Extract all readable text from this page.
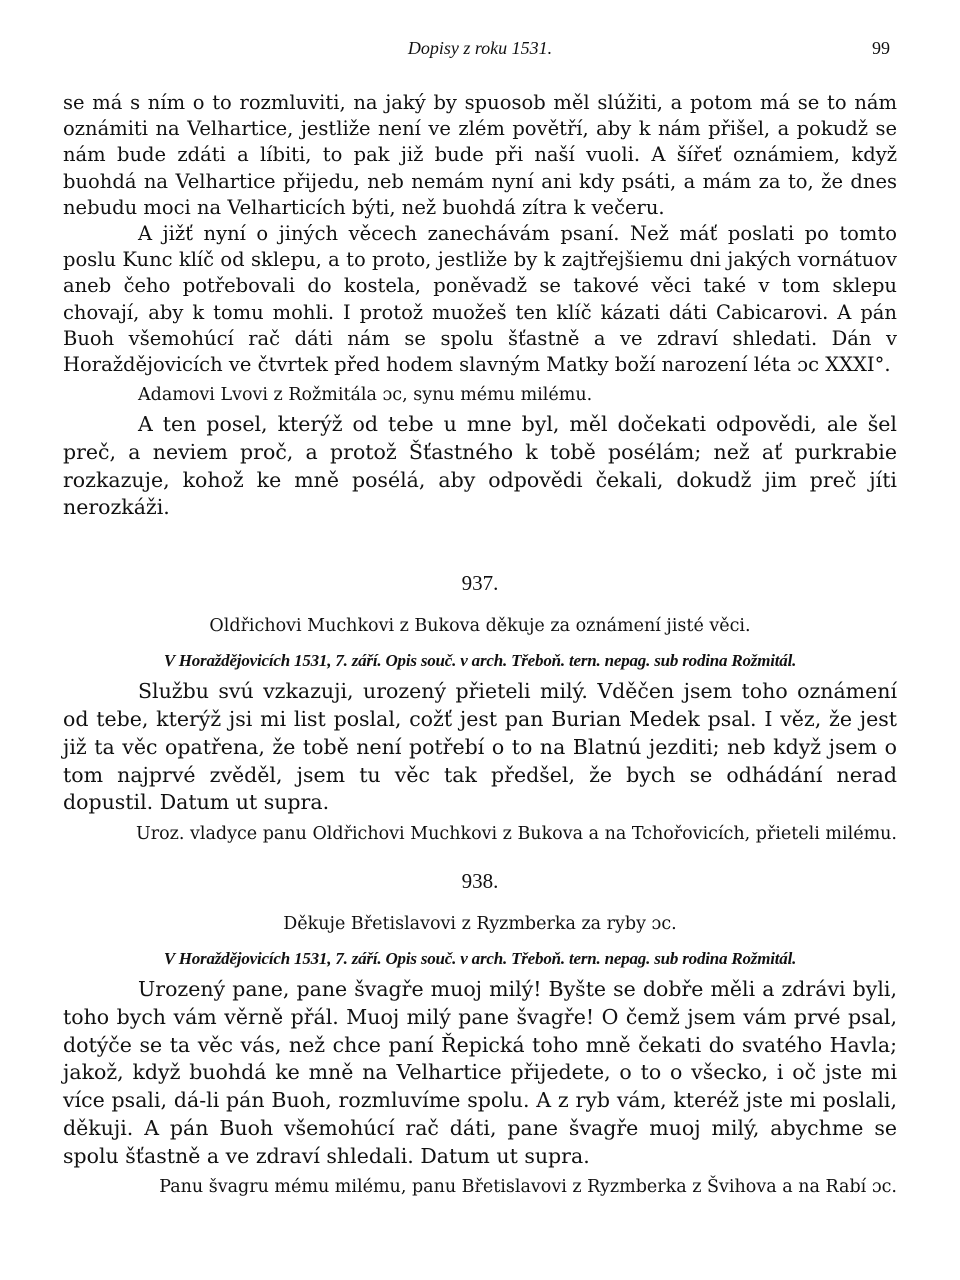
Dopisy z roku 1531.	99

se má s ním o to rozmluviti, na jaký by spuosob měl slúžiti, a potom má se to nám oznámiti na Velhartice, jestliže není ve zlém povětří, aby k nám přišel, a pokudž se nám bude zdáti a líbiti, to pak již bude při naší vuoli. A šířeť oznámiem, když buohdá na Velhartice přijedu, neb nemám nyní ani kdy psáti, a mám za to, že dnes nebudu moci na Velharticích býti, než buohdá zítra k večeru.

A jižť nyní o jiných věcech zanechávám psaní. Než máť poslati po tomto poslu Kunc klíč od sklepu, a to proto, jestliže by k zajtřejšiemu dni jakých vornátuov aneb čeho potřebovali do kostela, poněvadž se takové věci také v tom sklepu chovají, aby k tomu mohli. I protož muožeš ten klíč kázati dáti Cabicarovi. A pán Buoh všemohúcí rač dáti nám se spolu šťastně a ve zdraví shledati. Dán v Horaždějovicích ve čtvrtek před hodem slavným Matky boží narození léta ɔc XXXI°.

Adamovi Lvovi z Rožmitála ɔc, synu mému milému.

A ten posel, kterýž od tebe u mne byl, měl dočekati odpovědi, ale šel preč, a neviem proč, a protož Šťastného k tobě posélám; než ať purkrabie rozkazuje, kohož ke mně posélá, aby odpovědi čekali, dokudž jim preč jíti nerozkáži.

937.

Oldřichovi Muchkovi z Bukova děkuje za oznámení jisté věci.

V Horaždějovicích 1531, 7. září. Opis souč. v arch. Třeboň. tern. nepag. sub rodina Rožmitál.

Službu svú vzkazuji, urozený přieteli milý. Vděčen jsem toho oznámení od tebe, kterýž jsi mi list poslal, cožť jest pan Burian Medek psal. I věz, že jest již ta věc opatřena, že tobě není potřebí o to na Blatnú jezditi; neb když jsem o tom najprvé zvěděl, jsem tu věc tak předšel, že bych se odhádání nerad dopustil. Datum ut supra.

Uroz. vladyce panu Oldřichovi Muchkovi z Bukova a na Tchořovicích, přieteli milému.

938.

Děkuje Břetislavovi z Ryzmberka za ryby ɔc.

V Horaždějovicích 1531, 7. září. Opis souč. v arch. Třeboň. tern. nepag. sub rodina Rožmitál.

Urozený pane, pane švagře muoj milý! Byšte se dobře měli a zdrávi byli, toho bych vám věrně přál. Muoj milý pane švagře! O čemž jsem vám prvé psal, dotýče se ta věc vás, než chce paní Řepická toho mně čekati do svatého Havla; jakož, když buohdá ke mně na Velhartice přijedete, o to o všecko, i oč jste mi více psali, dá-li pán Buoh, rozmluvíme spolu. A z ryb vám, kteréž jste mi poslali, děkuji. A pán Buoh všemohúcí rač dáti, pane švagře muoj milý, abychme se spolu šťastně a ve zdraví shledali. Datum ut supra.

Panu švagru mému milému, panu Břetislavovi z Ryzmberka z Švihova a na Rabí ɔc.
